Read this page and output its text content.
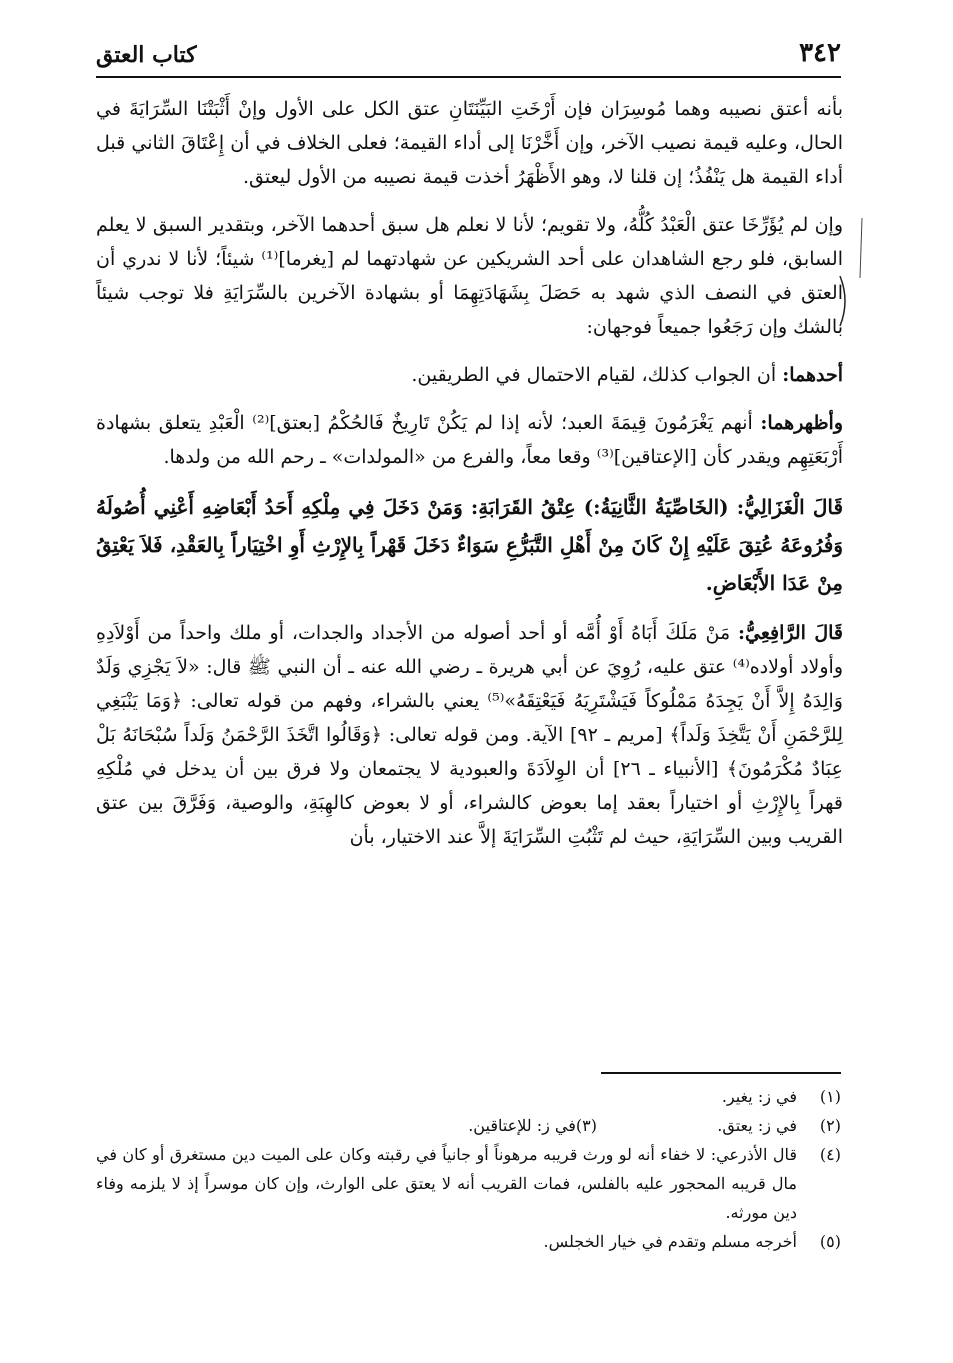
٣٤٢
كتاب العتق

بأنه أعتق نصيبه وهما مُوسِرَان فإن أَرْخَتِ البَيِّنَتَانِ عتق الكل على الأول وإنْ أَثْبَتْنَا السِّرَايَةَ في الحال، وعليه قيمة نصيب الآخر، وإن أَخَّرْنَا إلى أداء القيمة؛ فعلى الخلاف في أن إِعْتَاقَ الثاني قبل أداء القيمة هل يَنْفُذُ؛ إن قلنا لا، وهو الأَظْهَرُ أخذت قيمة نصيبه من الأول ليعتق.

وإن لم يُؤَرِّخَا عتق الْعَبْدُ كُلُّهُ، ولا تقويم؛ لأنا لا نعلم هل سبق أحدهما الآخر، وبتقدير السبق لا يعلم السابق، فلو رجع الشاهدان على أحد الشريكين عن شهادتهما لم [يغرما]⁽¹⁾ شيئاً؛ لأنا لا ندري أن العتق في النصف الذي شهد به حَصَلَ بِشَهَادَتِهِمَا أو بشهادة الآخرين بالسِّرَايَةِ فلا توجب شيئاً بالشك وإن رَجَعُوا جميعاً فوجهان:

أحدهما: أن الجواب كذلك، لقيام الاحتمال في الطريقين.

وأظهرهما: أنهم يَغْرَمُونَ قِيمَةَ العبد؛ لأنه إذا لم يَكُنْ تَارِيخٌ فَالحُكْمُ [بعتق]⁽²⁾ الْعَبْدِ يتعلق بشهادة أَرْبَعَتِهِم ويقدر كأن [الإعتاقين]⁽³⁾ وقعا معاً، والفرع من «المولدات» ـ رحم الله من ولدها.

قَالَ الْغَزَالِيُّ: (الخَاصِّيَةُ الثَّانِيَةُ:) عِتْقُ القَرَابَةِ: وَمَنْ دَخَلَ فِي مِلْكِهِ أَحَدُ أَبْعَاضِهِ أَعْنِي أُصُولَهُ وَفُرُوعَهُ عُتِقَ عَلَيْهِ إِنْ كَانَ مِنْ أَهْلِ التَّبَرُّعِ سَوَاءٌ دَخَلَ قَهْراً بِالإِرْثِ أَوِ اخْتِيَاراً بِالعَقْدِ، فَلاَ يَعْتِقُ مِنْ عَدَا الأَبْعَاضِ.

قَالَ الرَّافِعِيُّ: مَنْ مَلَكَ أَبَاهُ أَوْ أُمَّه أو أحد أصوله من الأجداد والجدات، أو ملك واحداً من أَوْلاَدِهِ وأولاد أولاده⁽⁴⁾ عتق عليه، رُوِيَ عن أبي هريرة ـ رضي الله عنه ـ أن النبي ﷺ قال: «لاَ يَجْزِي وَلَدٌ وَالِدَهُ إِلاَّ أَنْ يَجِدَهُ مَمْلُوكاً فَيَشْتَرِيَهُ فَيَعْتِقَهُ»⁽⁵⁾ يعني بالشراء، وفهم من قوله تعالى: ﴿وَمَا يَنْبَغِي لِلرَّحْمَنِ أَنْ يَتَّخِذَ وَلَداً﴾ [مريم ـ ٩٢] الآية. ومن قوله تعالى: ﴿وَقَالُوا اتَّخَذَ الرَّحْمَنُ وَلَداً سُبْحَانَهُ بَلْ عِبَادٌ مُكْرَمُونَ﴾ [الأنبياء ـ ٢٦] أن الوِلاَدَةَ والعبودية لا يجتمعان ولا فرق بين أن يدخل في مُلْكِهِ قهراً بِالإِرْثِ أو اختياراً بعقد إما بعوض كالشراء، أو لا بعوض كالهِبَةِ، والوصية، وَفَرَّقَ بين عتق القريب وبين السِّرَايَةِ، حيث لم تَثْبُتِ السِّرَايَةَ إلاَّ عند الاختيار، بأن

(١)
في ز: يغير.
(٢)
في ز: يعتق.
(٣)
في ز: للإعتاقين.
(٤)
قال الأذرعي: لا خفاء أنه لو ورث قريبه مرهوناً أو جانياً في رقبته وكان على الميت دين مستغرق أو كان في مال قريبه المحجور عليه بالفلس، فمات القريب أنه لا يعتق على الوارث، وإن كان موسراً إذ لا يلزمه وفاء دين مورثه.
(٥)
أخرجه مسلم وتقدم في خيار الخجلس.
